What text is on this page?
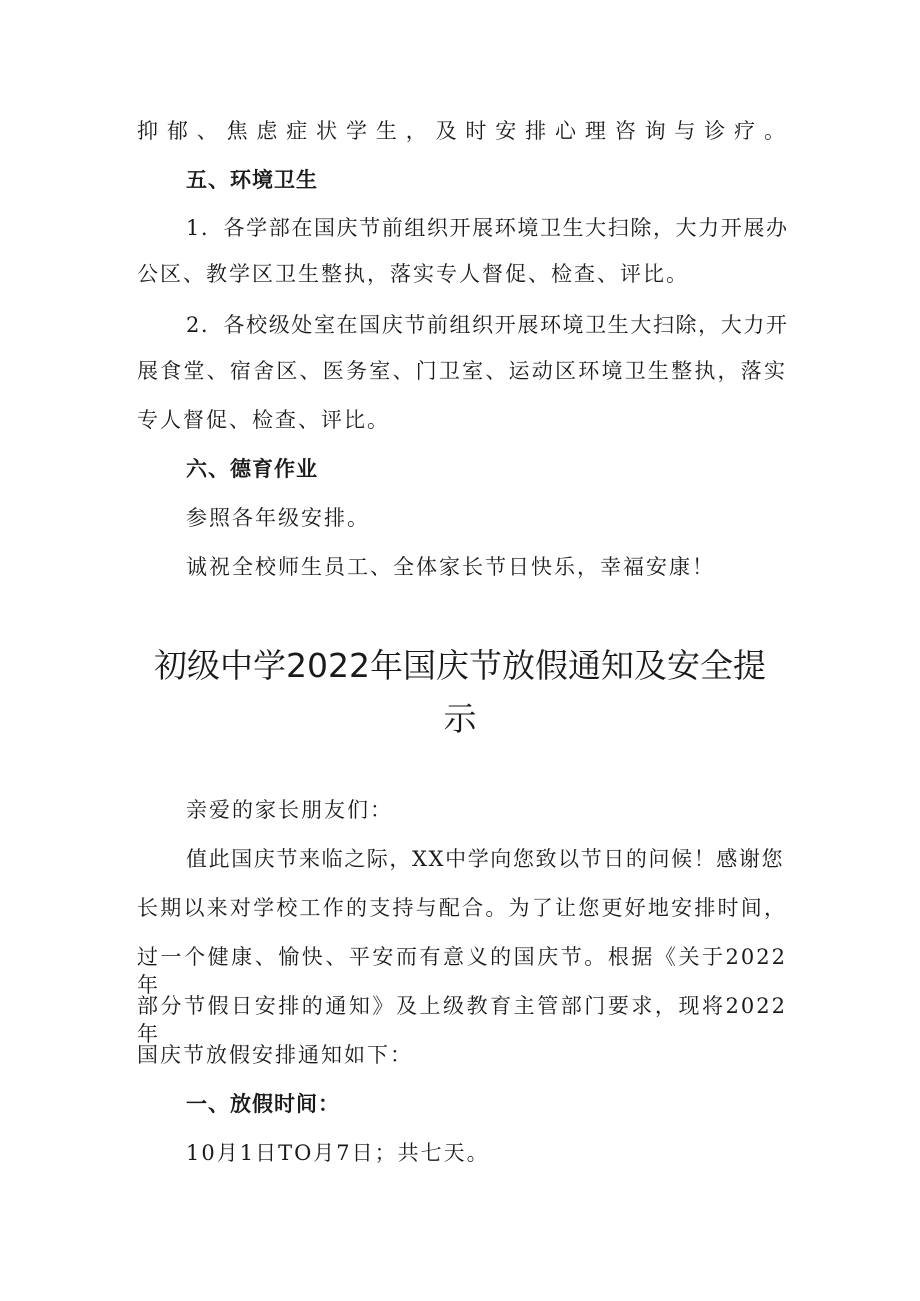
抑郁、焦虑症状学生，及时安排心理咨询与诊疗。
五、环境卫生
1．各学部在国庆节前组织开展环境卫生大扫除，大力开展办
公区、教学区卫生整执，落实专人督促、检查、评比。
2．各校级处室在国庆节前组织开展环境卫生大扫除，大力开
展食堂、宿舍区、医务室、门卫室、运动区环境卫生整执，落实
专人督促、检查、评比。
六、德育作业
参照各年级安排。
诚祝全校师生员工、全体家长节日快乐，幸福安康！
初级中学2022年国庆节放假通知及安全提
示
亲爱的家长朋友们：
值此国庆节来临之际，XX中学向您致以节日的问候！感谢您
长期以来对学校工作的支持与配合。为了让您更好地安排时间，
过一个健康、愉快、平安而有意义的国庆节。根据《关于2022年
部分节假日安排的通知》及上级教育主管部门要求，现将2022年
国庆节放假安排通知如下：
一、放假时间：
10月1日TO月7日；共七天。
